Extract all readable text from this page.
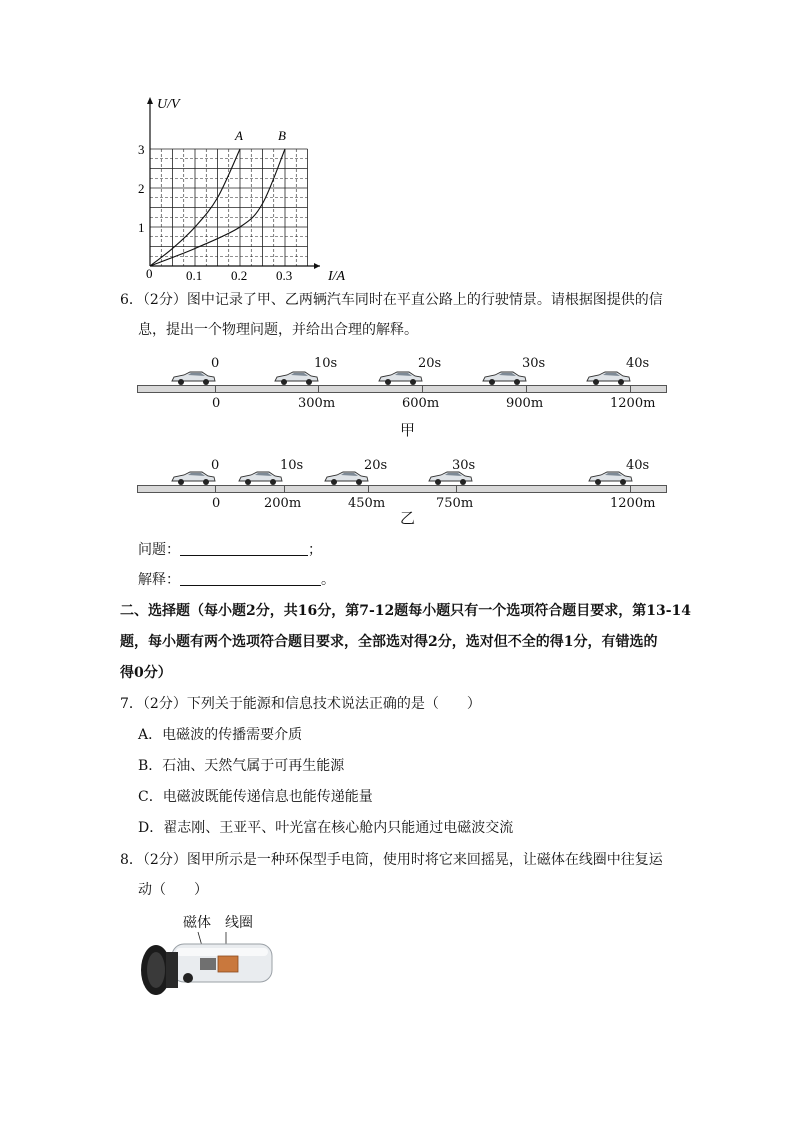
U/V
I/A
0
1
2
3
0.1 0.2 0.3
A	B
6．（2分）图中记录了甲、乙两辆汽车同时在平直公路上的行驶情景。请根据图提供的信
息，提出一个物理问题，并给出合理的解释。
0
0
10s
300m
20s
600m
30s
900m
40s
1200m
甲
0
0
10s
200m
20s
450m
30s
750m
40s
1200m
乙
问题：	；
解释：	。
二、选择题（每小题2分，共16分，第7-12题每小题只有一个选项符合题目要求，第13-14
题，每小题有两个选项符合题目要求，全部选对得2分，选对但不全的得1分，有错选的
得0分）
7．（2分）下列关于能源和信息技术说法正确的是（　　）
A．电磁波的传播需要介质
B．石油、天然气属于可再生能源
C．电磁波既能传递信息也能传递能量
D．翟志刚、王亚平、叶光富在核心舱内只能通过电磁波交流
8．（2分）图甲所示是一种环保型手电筒，使用时将它来回摇晃，让磁体在线圈中往复运
动（　　）
磁体 线圈
